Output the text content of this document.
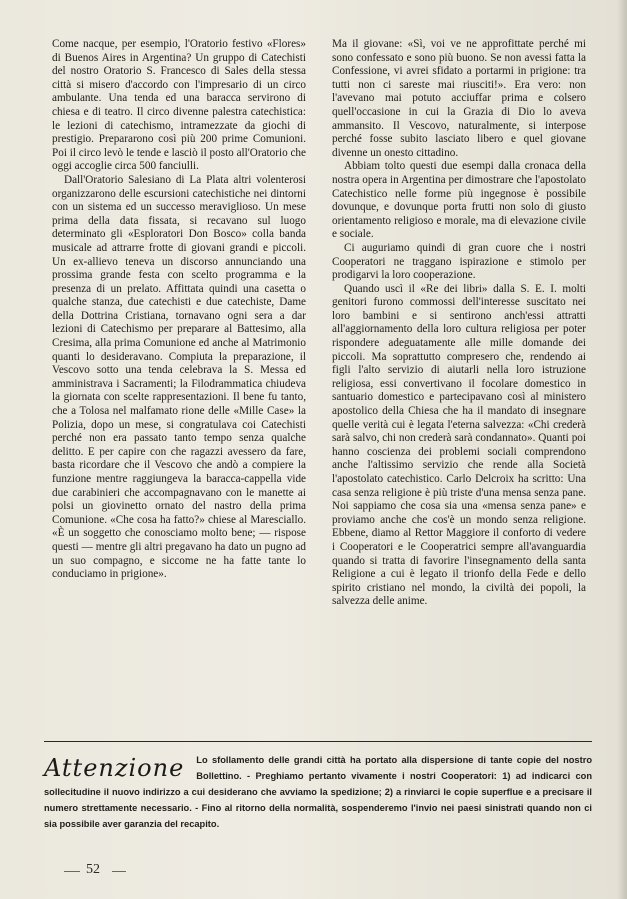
Come nacque, per esempio, l'Oratorio festivo «Flores» di Buenos Aires in Argentina? Un gruppo di Catechisti del nostro Oratorio S. Francesco di Sales della stessa città si misero d'accordo con l'impresario di un circo ambulante. Una tenda ed una baracca servirono di chiesa e di teatro. Il circo divenne palestra catechistica: le lezioni di catechismo, intramezzate da giochi di prestigio. Prepararono così più 200 prime Comunioni. Poi il circo levò le tende e lasciò il posto all'Oratorio che oggi accoglie circa 500 fanciulli.

Dall'Oratorio Salesiano di La Plata altri volenterosi organizzarono delle escursioni catechistiche nei dintorni con un sistema ed un successo meraviglioso. Un mese prima della data fissata, si recavano sul luogo determinato gli «Esploratori Don Bosco» colla banda musicale ad attrarre frotte di giovani grandi e piccoli. Un ex-allievo teneva un discorso annunciando una prossima grande festa con scelto programma e la presenza di un prelato. Affittata quindi una casetta o qualche stanza, due catechisti e due catechiste, Dame della Dottrina Cristiana, tornavano ogni sera a dar lezioni di Catechismo per preparare al Battesimo, alla Cresima, alla prima Comunione ed anche al Matrimonio quanti lo desideravano. Compiuta la preparazione, il Vescovo sotto una tenda celebrava la S. Messa ed amministrava i Sacramenti; la Filodrammatica chiudeva la giornata con scelte rappresentazioni. Il bene fu tanto, che a Tolosa nel malfamato rione delle «Mille Case» la Polizia, dopo un mese, si congratulava coi Catechisti perché non era passato tanto tempo senza qualche delitto. E per capire con che ragazzi avessero da fare, basta ricordare che il Vescovo che andò a compiere la funzione mentre raggiungeva la baracca-cappella vide due carabinieri che accompagnavano con le manette ai polsi un giovinetto ornato del nastro della prima Comunione. «Che cosa ha fatto?» chiese al Maresciallo. «È un soggetto che conosciamo molto bene; — rispose questi — mentre gli altri pregavano ha dato un pugno ad un suo compagno, e siccome ne ha fatte tante lo conduciamo in prigione».

Ma il giovane: «Sì, voi ve ne approfittate perché mi sono confessato e sono più buono. Se non avessi fatta la Confessione, vi avrei sfidato a portarmi in prigione: tra tutti non ci sareste mai riusciti!». Era vero: non l'avevano mai potuto acciuffar prima e colsero quell'occasione in cui la Grazia di Dio lo aveva ammansito. Il Vescovo, naturalmente, si interpose perché fosse subito lasciato libero e quel giovane divenne un onesto cittadino.

Abbiam tolto questi due esempi dalla cronaca della nostra opera in Argentina per dimostrare che l'apostolato Catechistico nelle forme più ingegnose è possibile dovunque, e dovunque porta frutti non solo di giusto orientamento religioso e morale, ma di elevazione civile e sociale.

Ci auguriamo quindi di gran cuore che i nostri Cooperatori ne traggano ispirazione e stimolo per prodigarvi la loro cooperazione.

Quando uscì il «Re dei libri» dalla S. E. I. molti genitori furono commossi dell'interesse suscitato nei loro bambini e si sentirono anch'essi attratti all'aggiornamento della loro cultura religiosa per poter rispondere adeguatamente alle mille domande dei piccoli. Ma soprattutto compresero che, rendendo ai figli l'alto servizio di aiutarli nella loro istruzione religiosa, essi convertivano il focolare domestico in santuario domestico e partecipavano così al ministero apostolico della Chiesa che ha il mandato di insegnare quelle verità cui è legata l'eterna salvezza: «Chi crederà sarà salvo, chi non crederà sarà condannato». Quanti poi hanno coscienza dei problemi sociali comprendono anche l'altissimo servizio che rende alla Società l'apostolato catechistico. Carlo Delcroix ha scritto: Una casa senza religione è più triste d'una mensa senza pane. Noi sappiamo che cosa sia una «mensa senza pane» e proviamo anche che cos'è un mondo senza religione. Ebbene, diamo al Rettor Maggiore il conforto di vedere i Cooperatori e le Cooperatrici sempre all'avanguardia quando si tratta di favorire l'insegnamento della santa Religione a cui è legato il trionfo della Fede e dello spirito cristiano nel mondo, la civiltà dei popoli, la salvezza delle anime.

Attenzione Lo sfollamento delle grandi città ha portato alla dispersione di tante copie del nostro Bollettino. - Preghiamo pertanto vivamente i nostri Cooperatori: 1) ad indicarci con sollecitudine il nuovo indirizzo a cui desiderano che avviamo la spedizione; 2) a rinviarci le copie superflue e a precisare il numero strettamente necessario. - Fino al ritorno della normalità, sospenderemo l'invio nei paesi sinistrati quando non ci sia possibile aver garanzia del recapito.
52
